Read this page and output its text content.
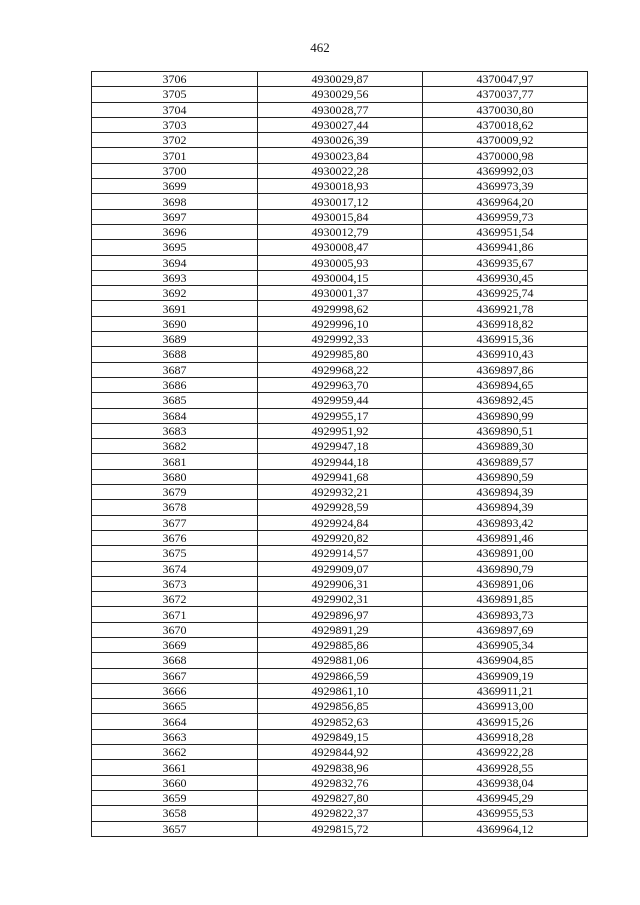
462
3706	4930029,87	4370047,97
3705	4930029,56	4370037,77
3704	4930028,77	4370030,80
3703	4930027,44	4370018,62
3702	4930026,39	4370009,92
3701	4930023,84	4370000,98
3700	4930022,28	4369992,03
3699	4930018,93	4369973,39
3698	4930017,12	4369964,20
3697	4930015,84	4369959,73
3696	4930012,79	4369951,54
3695	4930008,47	4369941,86
3694	4930005,93	4369935,67
3693	4930004,15	4369930,45
3692	4930001,37	4369925,74
3691	4929998,62	4369921,78
3690	4929996,10	4369918,82
3689	4929992,33	4369915,36
3688	4929985,80	4369910,43
3687	4929968,22	4369897,86
3686	4929963,70	4369894,65
3685	4929959,44	4369892,45
3684	4929955,17	4369890,99
3683	4929951,92	4369890,51
3682	4929947,18	4369889,30
3681	4929944,18	4369889,57
3680	4929941,68	4369890,59
3679	4929932,21	4369894,39
3678	4929928,59	4369894,39
3677	4929924,84	4369893,42
3676	4929920,82	4369891,46
3675	4929914,57	4369891,00
3674	4929909,07	4369890,79
3673	4929906,31	4369891,06
3672	4929902,31	4369891,85
3671	4929896,97	4369893,73
3670	4929891,29	4369897,69
3669	4929885,86	4369905,34
3668	4929881,06	4369904,85
3667	4929866,59	4369909,19
3666	4929861,10	4369911,21
3665	4929856,85	4369913,00
3664	4929852,63	4369915,26
3663	4929849,15	4369918,28
3662	4929844,92	4369922,28
3661	4929838,96	4369928,55
3660	4929832,76	4369938,04
3659	4929827,80	4369945,29
3658	4929822,37	4369955,53
3657	4929815,72	4369964,12
